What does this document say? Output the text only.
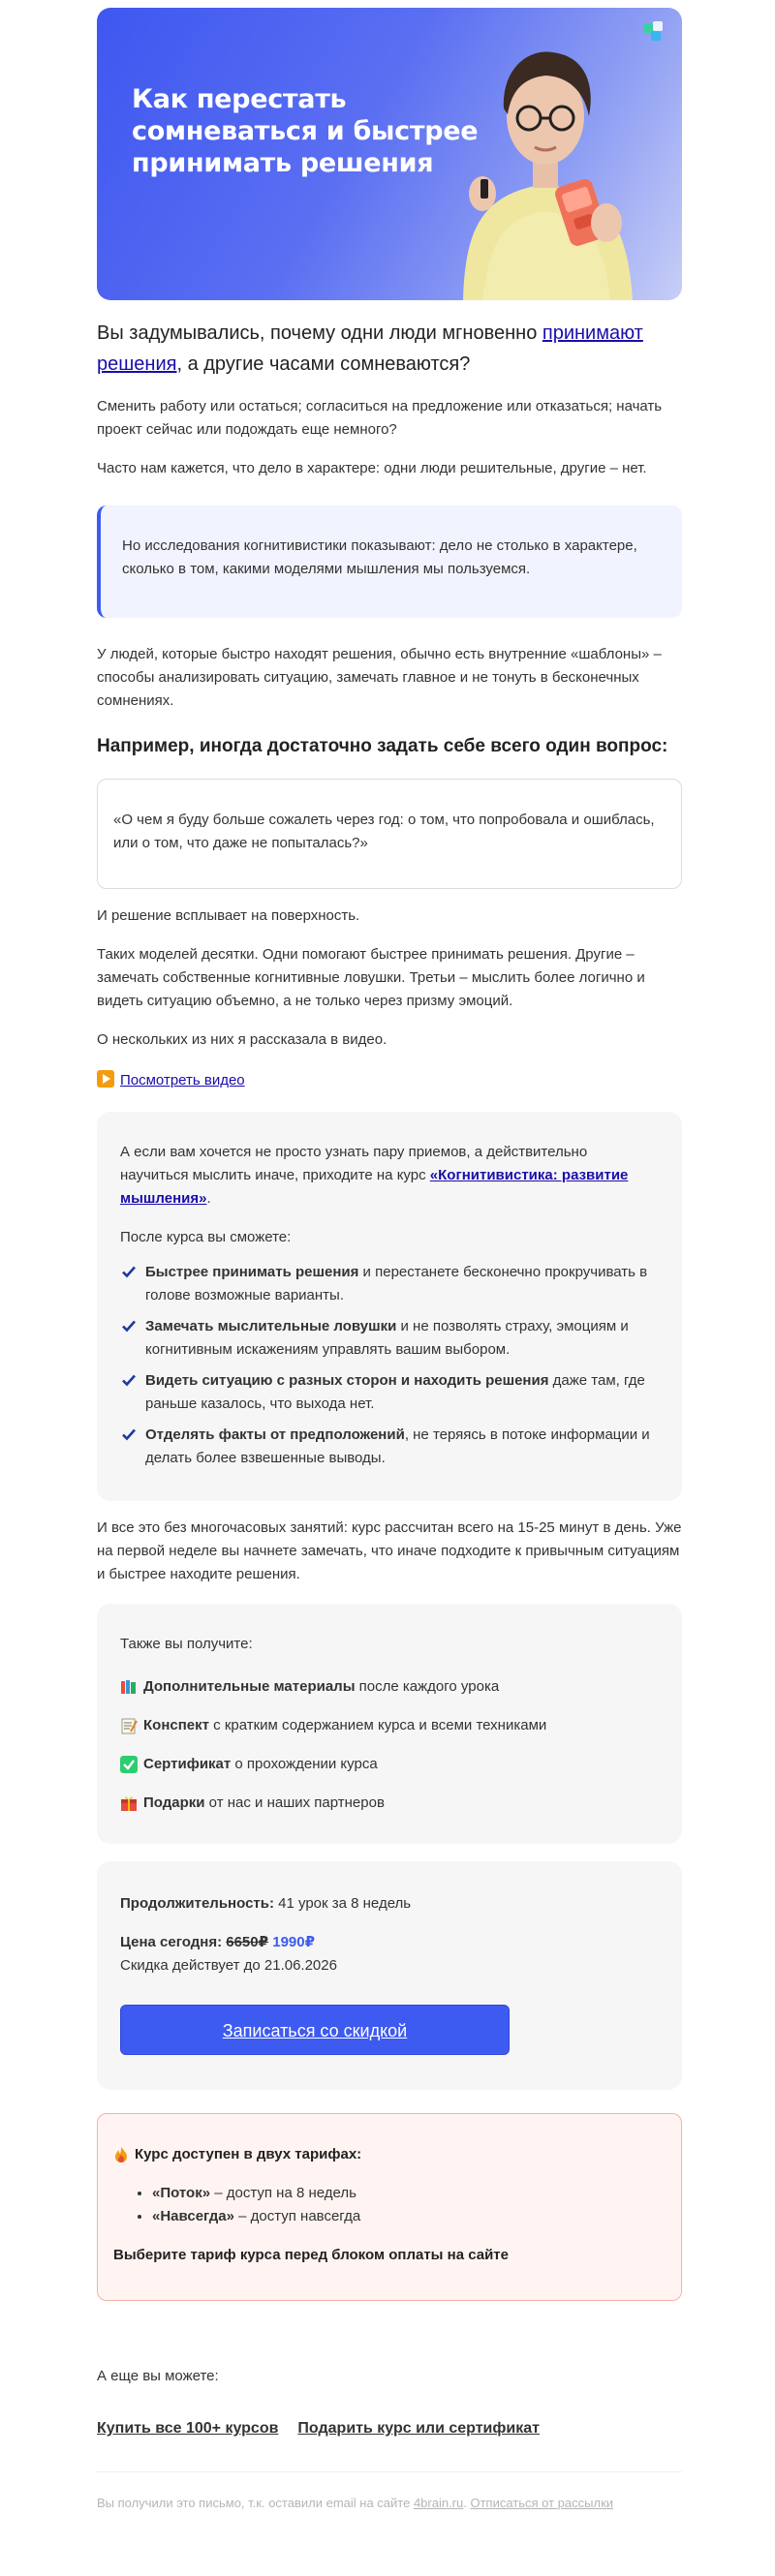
Как перестать сомневаться и быстрее принимать решения

Вы задумывались, почему одни люди мгновенно принимают решения, а другие часами сомневаются?

Сменить работу или остаться; согласиться на предложение или отказаться; начать проект сейчас или подождать еще немного?

Часто нам кажется, что дело в характере: одни люди решительные, другие – нет.

Но исследования когнитивистики показывают: дело не столько в характере, сколько в том, какими моделями мышления мы пользуемся.

У людей, которые быстро находят решения, обычно есть внутренние «шаблоны» – способы анализировать ситуацию, замечать главное и не тонуть в бесконечных сомнениях.

Например, иногда достаточно задать себе всего один вопрос:

«О чем я буду больше сожалеть через год: о том, что попробовала и ошиблась, или о том, что даже не попыталась?»

И решение всплывает на поверхность.

Таких моделей десятки. Одни помогают быстрее принимать решения. Другие – замечать собственные когнитивные ловушки. Третьи – мыслить более логично и видеть ситуацию объемно, а не только через призму эмоций.

О нескольких из них я рассказала в видео.

Посмотреть видео

А если вам хочется не просто узнать пару приемов, а действительно научиться мыслить иначе, приходите на курс «Когнитивистика: развитие мышления».

После курса вы сможете:

Быстрее принимать решения и перестанете бесконечно прокручивать в голове возможные варианты.
Замечать мыслительные ловушки и не позволять страху, эмоциям и когнитивным искажениям управлять вашим выбором.
Видеть ситуацию с разных сторон и находить решения даже там, где раньше казалось, что выхода нет.
Отделять факты от предположений, не теряясь в потоке информации и делать более взвешенные выводы.

И все это без многочасовых занятий: курс рассчитан всего на 15-25 минут в день. Уже на первой неделе вы начнете замечать, что иначе подходите к привычным ситуациям и быстрее находите решения.

Также вы получите:

Дополнительные материалы после каждого урока
Конспект с кратким содержанием курса и всеми техниками
Сертификат о прохождении курса
Подарки от нас и наших партнеров

Продолжительность: 41 урок за 8 недель

Цена сегодня: 6650₽ 1990₽

Скидка действует до 21.06.2026

Записаться со скидкой
Курс доступен в двух тарифах:
• «Поток» – доступ на 8 недель
• «Навсегда» – доступ навсегда

Выберите тариф курса перед блоком оплаты на сайте

А еще вы можете:

Купить все 100+ курсов Подарить курс или сертификат

Вы получили это письмо, т.к. оставили email на сайте 4brain.ru. Отписаться от рассылки
